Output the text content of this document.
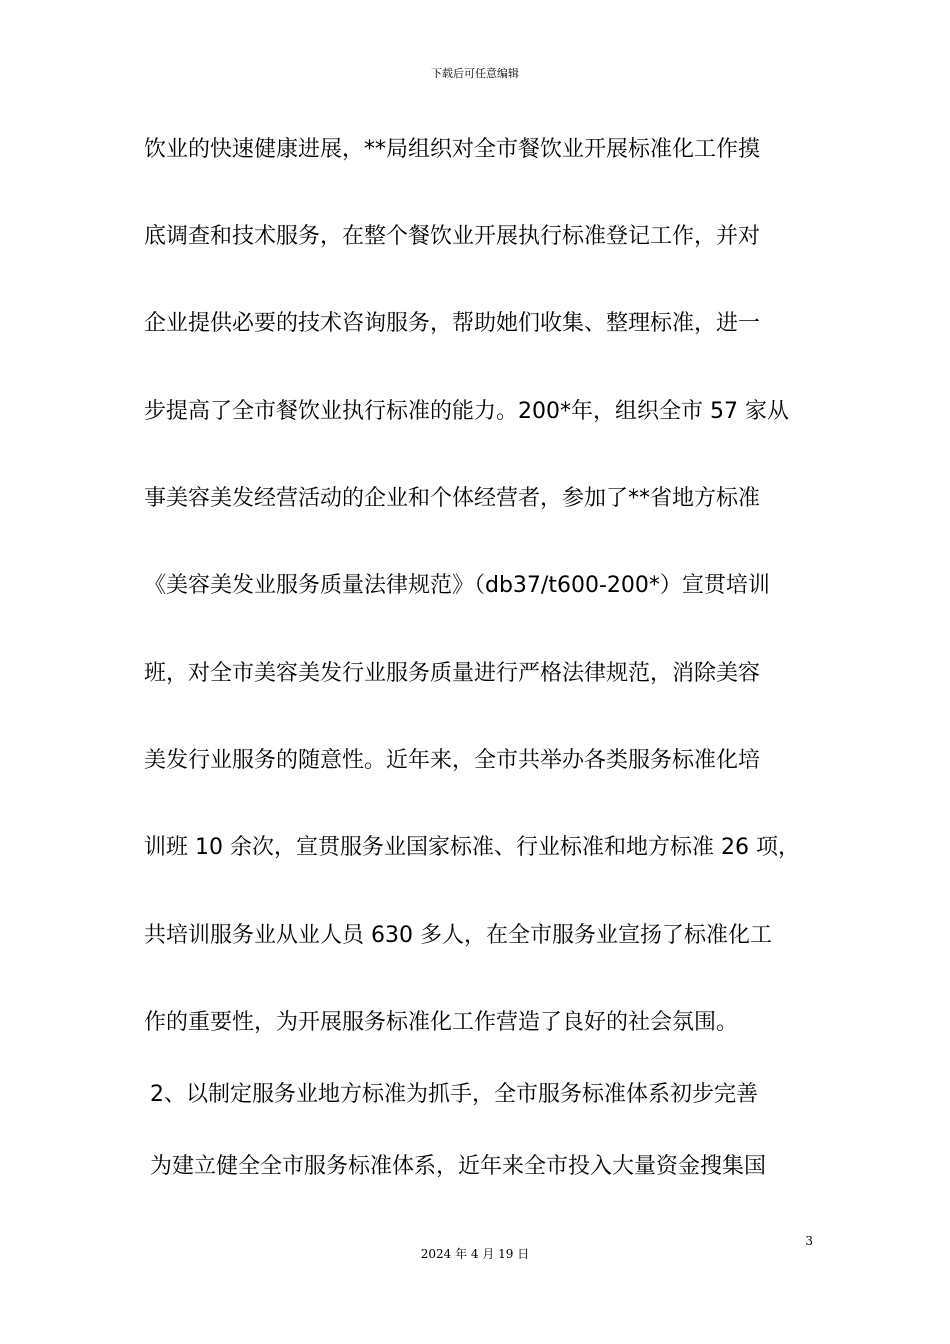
下载后可任意编辑
饮业的快速健康进展，**局组织对全市餐饮业开展标准化工作摸
底调查和技术服务，在整个餐饮业开展执行标准登记工作，并对
企业提供必要的技术咨询服务，帮助她们收集、整理标准，进一
步提高了全市餐饮业执行标准的能力。200*年，组织全市 57 家从
事美容美发经营活动的企业和个体经营者，参加了**省地方标准
《美容美发业服务质量法律规范》（db37/t600-200*）宣贯培训
班，对全市美容美发行业服务质量进行严格法律规范，消除美容
美发行业服务的随意性。近年来，全市共举办各类服务标准化培
训班 10 余次，宣贯服务业国家标准、行业标准和地方标准 26 项，
共培训服务业从业人员 630 多人，在全市服务业宣扬了标准化工
作的重要性，为开展服务标准化工作营造了良好的社会氛围。
2、以制定服务业地方标准为抓手，全市服务标准体系初步完善
为建立健全全市服务标准体系，近年来全市投入大量资金搜集国
3
2024 年 4 月 19 日
